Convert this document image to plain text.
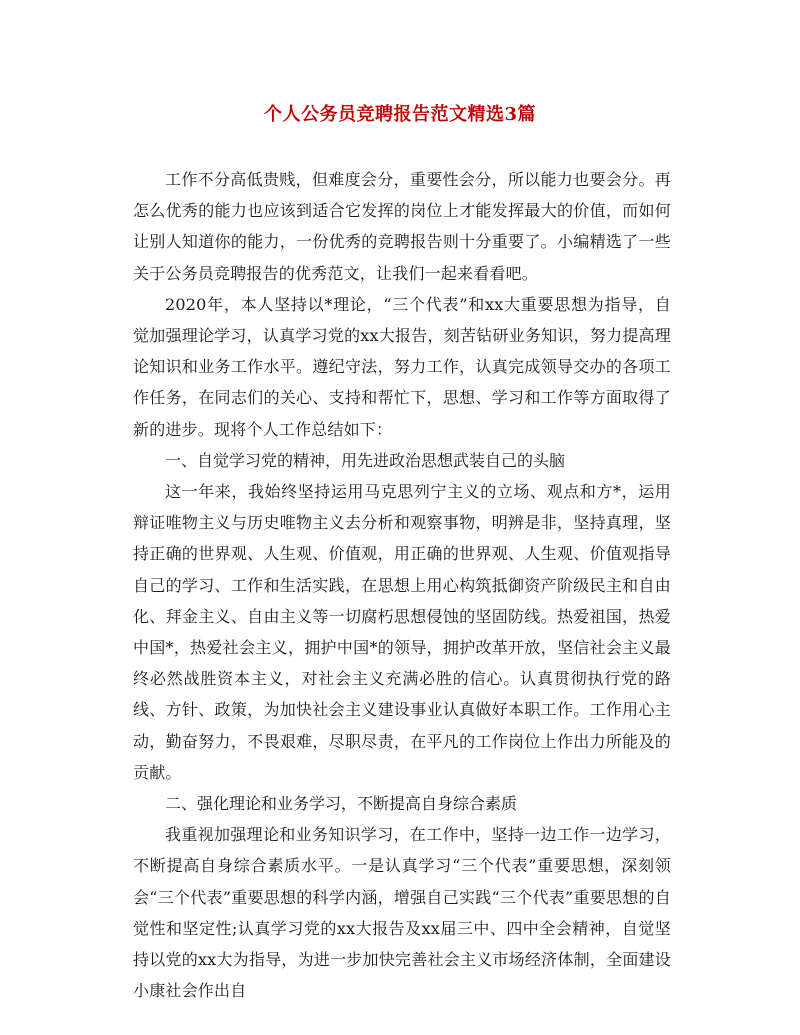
个人公务员竞聘报告范文精选3篇

工作不分高低贵贱，但难度会分，重要性会分，所以能力也要会分。再怎么优秀的能力也应该到适合它发挥的岗位上才能发挥最大的价值，而如何让别人知道你的能力，一份优秀的竞聘报告则十分重要了。小编精选了一些关于公务员竞聘报告的优秀范文，让我们一起来看看吧。

2020年，本人坚持以*理论，“三个代表”和xx大重要思想为指导，自觉加强理论学习，认真学习党的xx大报告，刻苦钻研业务知识，努力提高理论知识和业务工作水平。遵纪守法，努力工作，认真完成领导交办的各项工作任务，在同志们的关心、支持和帮忙下，思想、学习和工作等方面取得了新的进步。现将个人工作总结如下：

一、自觉学习党的精神，用先进政治思想武装自己的头脑

这一年来，我始终坚持运用马克思列宁主义的立场、观点和方*，运用辩证唯物主义与历史唯物主义去分析和观察事物，明辨是非，坚持真理，坚持正确的世界观、人生观、价值观，用正确的世界观、人生观、价值观指导自己的学习、工作和生活实践，在思想上用心构筑抵御资产阶级民主和自由化、拜金主义、自由主义等一切腐朽思想侵蚀的坚固防线。热爱祖国，热爱中国*，热爱社会主义，拥护中国*的领导，拥护改革开放，坚信社会主义最终必然战胜资本主义，对社会主义充满必胜的信心。认真贯彻执行党的路线、方针、政策，为加快社会主义建设事业认真做好本职工作。工作用心主动，勤奋努力，不畏艰难，尽职尽责，在平凡的工作岗位上作出力所能及的贡献。

二、强化理论和业务学习，不断提高自身综合素质

我重视加强理论和业务知识学习，在工作中，坚持一边工作一边学习，不断提高自身综合素质水平。一是认真学习“三个代表”重要思想，深刻领会“三个代表”重要思想的科学内涵，增强自己实践“三个代表”重要思想的自觉性和坚定性;认真学习党的xx大报告及xx届三中、四中全会精神，自觉坚持以党的xx大为指导，为进一步加快完善社会主义市场经济体制，全面建设小康社会作出自
